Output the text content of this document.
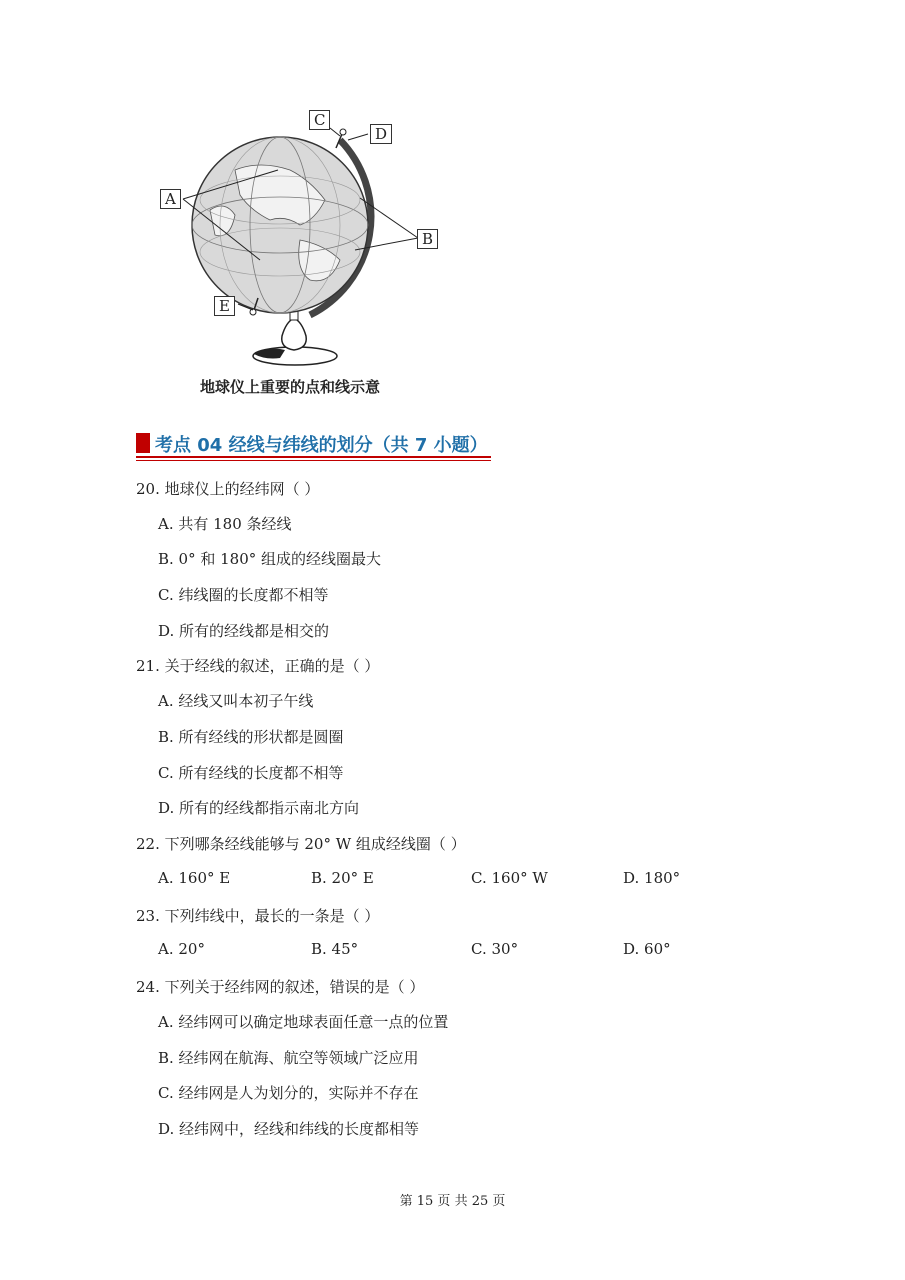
C
D
A
B
E
地球仪上重要的点和线示意
考点 04 经线与纬线的划分（共 7 小题）
20. 地球仪上的经纬网（ ）
A. 共有 180 条经线
B. 0° 和 180° 组成的经线圈最大
C. 纬线圈的长度都不相等
D. 所有的经线都是相交的
21. 关于经线的叙述，正确的是（ ）
A. 经线又叫本初子午线
B. 所有经线的形状都是圆圈
C. 所有经线的长度都不相等
D. 所有的经线都指示南北方向
22. 下列哪条经线能够与 20° W 组成经线圈（ ）
A. 160° E	B. 20° E	C. 160° W	D. 180°
23. 下列纬线中，最长的一条是（ ）
A. 20°	B. 45°	C. 30°	D. 60°
24. 下列关于经纬网的叙述，错误的是（ ）
A. 经纬网可以确定地球表面任意一点的位置
B. 经纬网在航海、航空等领域广泛应用
C. 经纬网是人为划分的，实际并不存在
D. 经纬网中，经线和纬线的长度都相等
第 15 页 共 25 页
